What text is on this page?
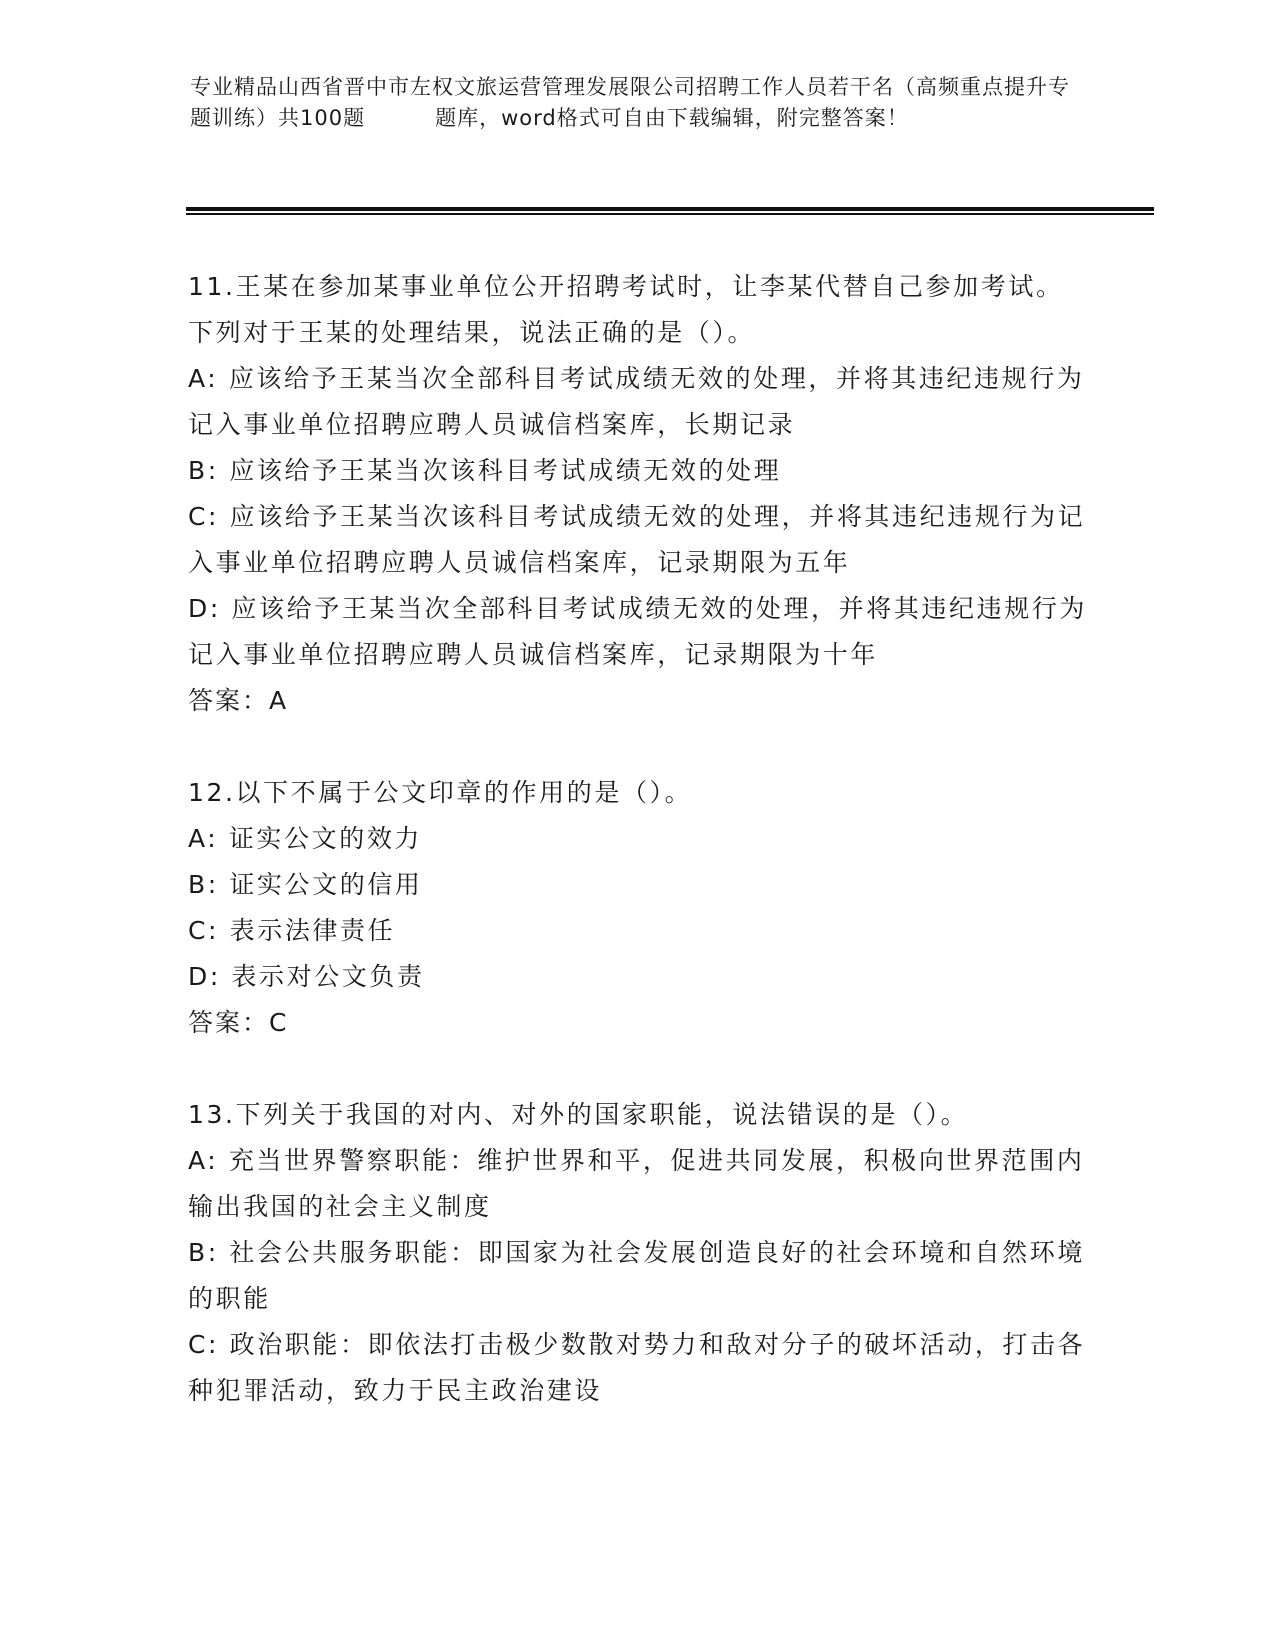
专业精品山西省晋中市左权文旅运营管理发展限公司招聘工作人员若干名（高频重点提升专题训练）共100题	题库，word格式可自由下载编辑，附完整答案！
11.王某在参加某事业单位公开招聘考试时，让李某代替自己参加考试。下列对于王某的处理结果，说法正确的是（）。
A: 应该给予王某当次全部科目考试成绩无效的处理，并将其违纪违规行为记入事业单位招聘应聘人员诚信档案库，长期记录
B: 应该给予王某当次该科目考试成绩无效的处理
C: 应该给予王某当次该科目考试成绩无效的处理，并将其违纪违规行为记入事业单位招聘应聘人员诚信档案库，记录期限为五年
D: 应该给予王某当次全部科目考试成绩无效的处理，并将其违纪违规行为记入事业单位招聘应聘人员诚信档案库，记录期限为十年
答案：A
12.以下不属于公文印章的作用的是（）。
A: 证实公文的效力
B: 证实公文的信用
C: 表示法律责任
D: 表示对公文负责
答案：C
13.下列关于我国的对内、对外的国家职能，说法错误的是（）。
A: 充当世界警察职能：维护世界和平，促进共同发展，积极向世界范围内输出我国的社会主义制度
B: 社会公共服务职能：即国家为社会发展创造良好的社会环境和自然环境的职能
C: 政治职能：即依法打击极少数散对势力和敌对分子的破坏活动，打击各种犯罪活动，致力于民主政治建设
